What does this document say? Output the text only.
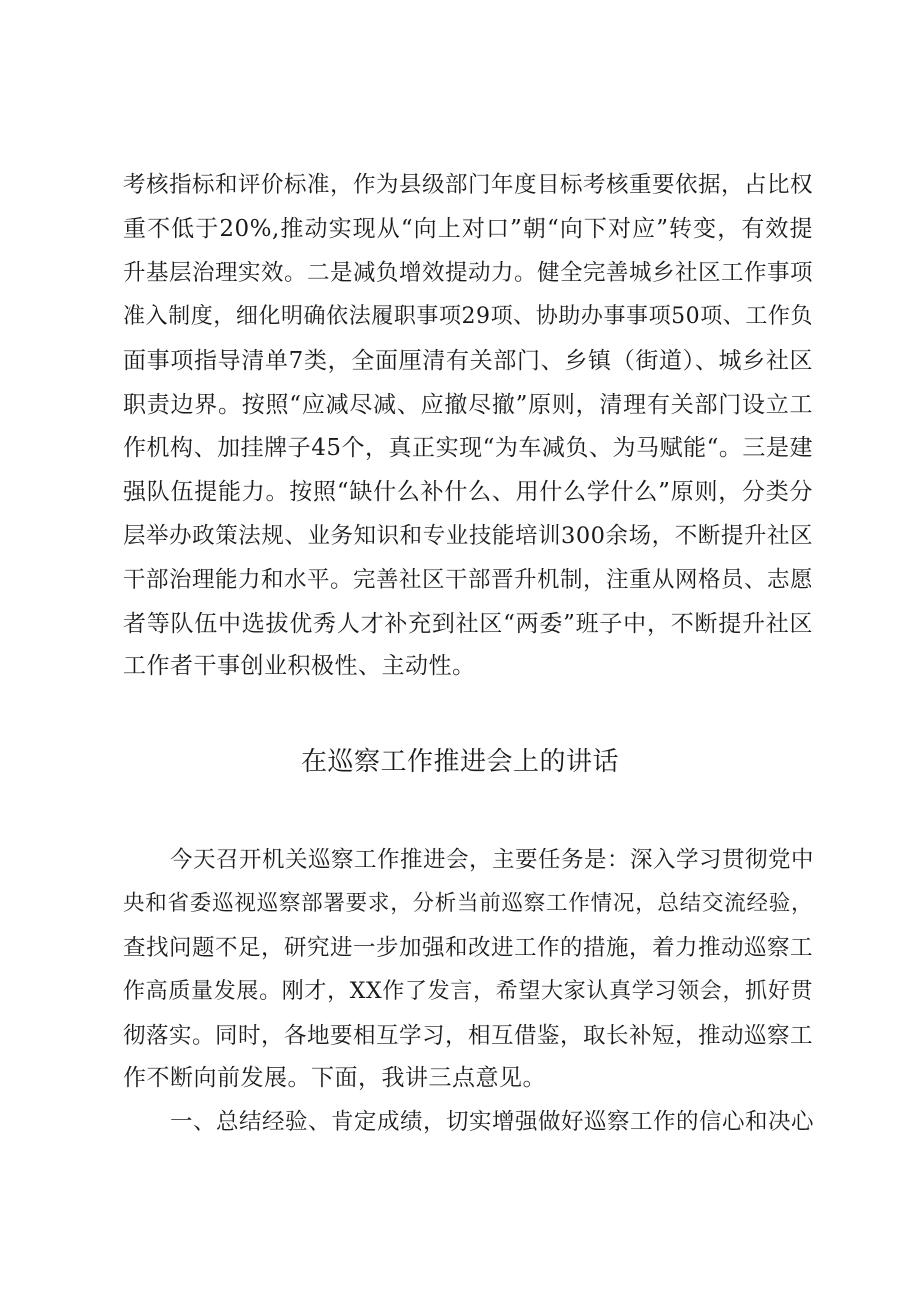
考核指标和评价标准，作为县级部门年度目标考核重要依据，占比权
重不低于20%,推动实现从“向上对口”朝“向下对应”转变，有效提
升基层治理实效。二是减负增效提动力。健全完善城乡社区工作事项
准入制度，细化明确依法履职事项29项、协助办事事项50项、工作负
面事项指导清单7类，全面厘清有关部门、乡镇（街道）、城乡社区
职责边界。按照“应减尽减、应撤尽撤”原则，清理有关部门设立工
作机构、加挂牌子45个，真正实现“为车减负、为马赋能“。三是建
强队伍提能力。按照“缺什么补什么、用什么学什么”原则，分类分
层举办政策法规、业务知识和专业技能培训300余场，不断提升社区
干部治理能力和水平。完善社区干部晋升机制，注重从网格员、志愿
者等队伍中选拔优秀人才补充到社区“两委”班子中，不断提升社区
工作者干事创业积极性、主动性。
在巡察工作推进会上的讲话
今天召开机关巡察工作推进会，主要任务是：深入学习贯彻党中
央和省委巡视巡察部署要求，分析当前巡察工作情况，总结交流经验，
查找问题不足，研究进一步加强和改进工作的措施，着力推动巡察工
作高质量发展。刚才，XX作了发言，希望大家认真学习领会，抓好贯
彻落实。同时，各地要相互学习，相互借鉴，取长补短，推动巡察工
作不断向前发展。下面，我讲三点意见。
一、总结经验、肯定成绩，切实增强做好巡察工作的信心和决心
